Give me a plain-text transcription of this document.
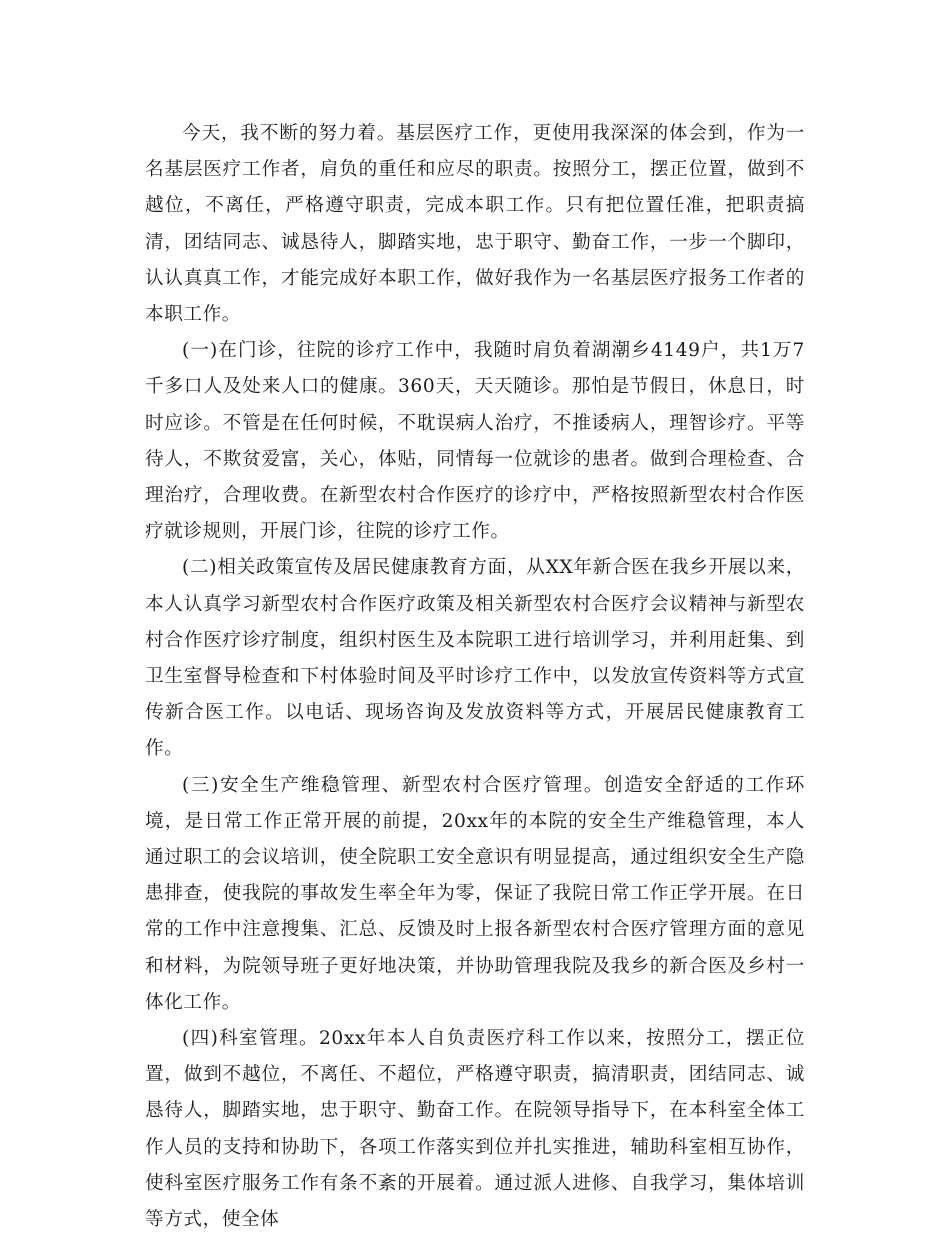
今天，我不断的努力着。基层医疗工作，更使用我深深的体会到，作为一名基层医疗工作者，肩负的重任和应尽的职责。按照分工，摆正位置，做到不越位，不离任，严格遵守职责，完成本职工作。只有把位置任准，把职责搞清，团结同志、诚恳待人，脚踏实地，忠于职守、勤奋工作，一步一个脚印，认认真真工作，才能完成好本职工作，做好我作为一名基层医疗报务工作者的本职工作。

(一)在门诊，往院的诊疗工作中，我随时肩负着湖潮乡4149户，共1万7千多口人及处来人口的健康。360天，天天随诊。那怕是节假日，休息日，时时应诊。不管是在任何时候，不耽误病人治疗，不推诿病人，理智诊疗。平等待人，不欺贫爱富，关心，体贴，同情每一位就诊的患者。做到合理检查、合理治疗，合理收费。在新型农村合作医疗的诊疗中，严格按照新型农村合作医疗就诊规则，开展门诊，往院的诊疗工作。

(二)相关政策宣传及居民健康教育方面，从XX年新合医在我乡开展以来，本人认真学习新型农村合作医疗政策及相关新型农村合医疗会议精神与新型农村合作医疗诊疗制度，组织村医生及本院职工进行培训学习，并利用赶集、到卫生室督导检查和下村体验时间及平时诊疗工作中，以发放宣传资料等方式宣传新合医工作。以电话、现场咨询及发放资料等方式，开展居民健康教育工作。

(三)安全生产维稳管理、新型农村合医疗管理。创造安全舒适的工作环境，是日常工作正常开展的前提，20xx年的本院的安全生产维稳管理，本人通过职工的会议培训，使全院职工安全意识有明显提高，通过组织安全生产隐患排查，使我院的事故发生率全年为零，保证了我院日常工作正学开展。在日常的工作中注意搜集、汇总、反馈及时上报各新型农村合医疗管理方面的意见和材料，为院领导班子更好地决策，并协助管理我院及我乡的新合医及乡村一体化工作。

(四)科室管理。20xx年本人自负责医疗科工作以来，按照分工，摆正位置，做到不越位，不离任、不超位，严格遵守职责，搞清职责，团结同志、诚恳待人，脚踏实地，忠于职守、勤奋工作。在院领导指导下，在本科室全体工作人员的支持和协助下，各项工作落实到位并扎实推进，辅助科室相互协作，使科室医疗服务工作有条不紊的开展着。通过派人进修、自我学习，集体培训等方式，使全体
